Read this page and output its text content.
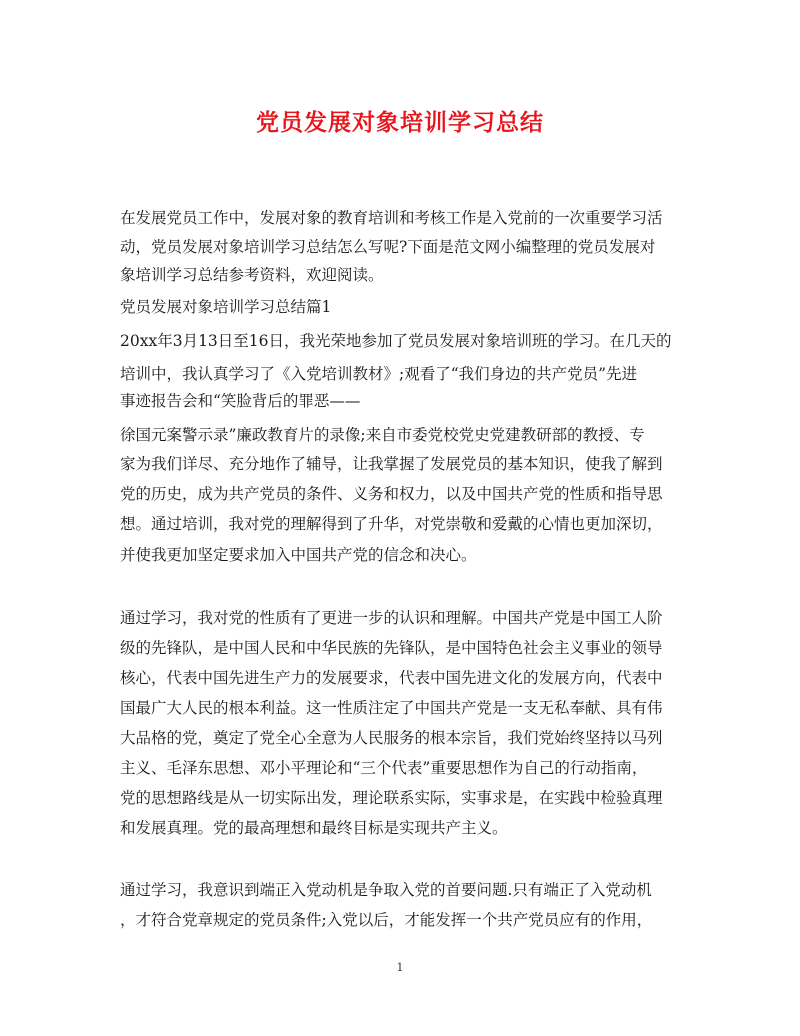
党员发展对象培训学习总结
在发展党员工作中，发展对象的教育培训和考核工作是入党前的一次重要学习活
动，党员发展对象培训学习总结怎么写呢?下面是范文网小编整理的党员发展对
象培训学习总结参考资料，欢迎阅读。
党员发展对象培训学习总结篇1
20xx年3月13日至16日，我光荣地参加了党员发展对象培训班的学习。在几天的
培训中，我认真学习了《入党培训教材》;观看了“我们身边的共产党员”先进
事迹报告会和“笑脸背后的罪恶——
徐国元案警示录”廉政教育片的录像;来自市委党校党史党建教研部的教授、专
家为我们详尽、充分地作了辅导，让我掌握了发展党员的基本知识，使我了解到
党的历史，成为共产党员的条件、义务和权力，以及中国共产党的性质和指导思
想。通过培训，我对党的理解得到了升华，对党崇敬和爱戴的心情也更加深切，
并使我更加坚定要求加入中国共产党的信念和决心。
通过学习，我对党的性质有了更进一步的认识和理解。中国共产党是中国工人阶
级的先锋队，是中国人民和中华民族的先锋队，是中国特色社会主义事业的领导
核心，代表中国先进生产力的发展要求，代表中国先进文化的发展方向，代表中
国最广大人民的根本利益。这一性质注定了中国共产党是一支无私奉献、具有伟
大品格的党，奠定了党全心全意为人民服务的根本宗旨，我们党始终坚持以马列
主义、毛泽东思想、邓小平理论和“三个代表”重要思想作为自己的行动指南，
党的思想路线是从一切实际出发，理论联系实际，实事求是，在实践中检验真理
和发展真理。党的最高理想和最终目标是实现共产主义。
通过学习，我意识到端正入党动机是争取入党的首要问题.只有端正了入党动机
，才符合党章规定的党员条件;入党以后，才能发挥一个共产党员应有的作用，
1
